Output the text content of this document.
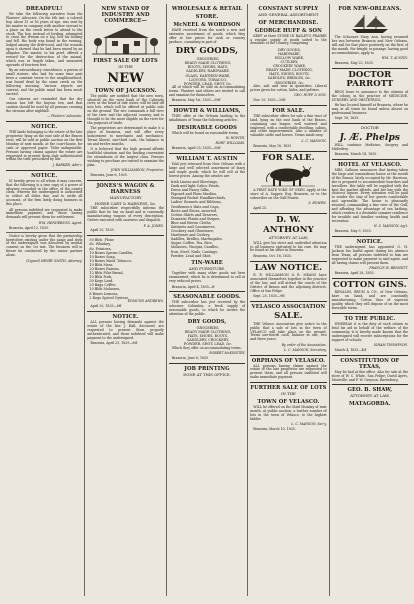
DREADFUL!

We take the following narrative from the Planters' Advocate. On the 6th inst. a colored boy, about 15 or 16 years of age, was sent by his master in company with another servant to a place on the creek below to attend to the stock. The boy, instead of fording, attempted to cross the stream on a log, lost his footing and fell. His body was found in the evening, lodged among the drift-wood, and the wounds upon it showed that he had been seized by an alligator. The master, in his grief, offered a reward for the destruction of the animal, which was at length taken, and measured upwards of fourteen feet.

By an extraordinary coincidence, a person of small stature, who had for some time past been a constant terror to the neighbourhood, was found dead by the same creek on the following morning. Various reports are current, and the public mind has been much excited.

Our citizens are reminded that the dry season has left the bayous low, and that caution should be used by all persons crossing the streams after nightfall.

— Planters' Advocate.
NOTICE.

THE lands belonging to the estate of the late proprietor, lying on the east side of the Brazos river, will be sold at public auction on the first Monday of next month, at the court-house, for cash or approved paper. Titles indisputable. Persons having claims against the estate are requested to present them duly authenticated within the time prescribed by law.

J. BARKER, Adm'r.
NOTICE.

IS hereby given to all whom it may concern, that the following is a true copy of a power of attorney recorded in the office of the county clerk, wherein the undersigned is authorized to collect all debts due, and to settle all accounts, of the firm lately doing business in this place.

All persons indebted are requested to make immediate payment, and those having demands will present them for settlement.

WM. HENDERSON, Agent.

Brazoria, April 13, 1835.

Notice is hereby given that the partnership heretofore existing under the name and style of the undersigned was dissolved by mutual consent on the 1st inst. The business will in future be conducted by the senior partner alone.

(Signed) HENRY SMITH, Attorney.
NEW STAND OF INDUSTRY AND COMMERCE—
FIRST SALE OF LOTS
IN THE
NEW
TOWN OF JACKSON.

The public are notified that the new town, situated on the west bank of the Colorado river, at the head of tide water, will be laid off into lots, which will be offered at public sale on the ground. The site commands a full view of the river and the adjacent country, and is thought to be the most eligible on the river for the purposes of trade.

The proprietors are determined to make it a place of business, and will offer every inducement to merchants and mechanics. Terms liberal, one-third cash, the balance in six and twelve months.

It is believed that the high ground affords healthful situation and the landing convenient for steamboats of the largest class. Persons wishing to purchase are invited to examine the plan.

JOHN WILLIAMSON, Proprietor.

Brazoria, June 6, 1835.

JONES'S WAGON & HARNESS
MANUFACTORY
HORSE CART & HARNESS, &c.

THE subscriber respectfully informs the public that he has on hand and is constantly manufacturing wagons of every description. Orders executed with neatness and despatch.

F. A. JONES.

April 20, 1835.

50 Bbls. Flour,
do. Whiskey,
do. Potatoes,
10 Boxes Sperm Candles,
10 Boxes Soap,
10 Boxes Manf. Tobacco,
10 Bbls Mess.
20 Boxes Raisins,
12 Bbls Pilot Bread,
10 Bbls Pork,
30 Kegs Lard,
20 Bags Coffee,
10 Bbls Molasses,
8 Boxes Lemons,
2 Kegs Spiced Oysters,
EDMUND ANDREWS.

April 20, 1835—6tf

NOTICE.

ALL persons having demands against the estate of the late J. Hall, deceased, are requested to present them properly authenticated, and those indebted will make payment to the undersigned.

Brazoria, April 25, 1835—6tf

WHOLESALE & RETAIL
STORE.
McNEEL & WORDSON

HAVE received from the north a new and extensive assortment of goods, which they offer at low prices for cash or country produce, consisting in part of

DRY GOODS,
GROCERIES,
READY MADE CLOTHING,
BOOTS, SHOES, HATS,
SADDLERY, HARDWARE,
GLASS, EARTHEN-WARE,
LIQUORS, TOBACCO,
POWDER, LEAD, SHOT, &c.

All of which will be sold on accommodating terms. Planters and others are invited to call and examine for themselves.

Brazoria, May 1st, 1835—39tf

HOWTH & WILLIAMS,

THEY offer at the Orleans landing to the inhabitants of Texas the following articles:

DESIRABLE GOODS

Which will be found on reasonable terms.

W. HOWTH,
ROBT. WILLIAMS.

Brazoria, April 25, 1835—30tf

WILLIAM T. AUSTIN

HAS just returned from New Orleans with a large and well selected assortment of fancy and staple goods, which he will sell at the lowest prices. Among the articles are:

Irish Linens and Sheetings,
Dark and light Calico Prints,
Dress and Fancy Silks,
Figured and Plain Muslins,
Stamped Pocket Handkerchiefs,
Ladies' Bonnets and Ribbons,
Gentlemen's Hats and Caps,
Boots and Shoes, assorted,
Cotton Shirts and Drawers,
Domestic Plaids and Stripes,
Blue and Brown Cloths,
Sattinets and Cassimeres,
Crockery and Glassware,
Hardware and Cutlery,
Saddles, Bridles, Martingales,
Sugar, Coffee, Tea, Rice,
Molasses, Vinegar, Candles,
Iron, Steel, Nails, Castings,
Powder, Lead and Shot.
TIN-WARE
AND FURNITURE.

Together with many other goods not here enumerated, which he is determined to sell at very reduced prices.

Brazoria, April 4, 1835—tf

SEASONABLE GOODS.

THE subscriber has just received by the schooner Columbia, a fresh supply of seasonable goods, to which he invites the attention of the public.

DRY GOODS,
GROCERIES,
READY MADE CLOTHING,
HATS, SHOES, BOOTS,
SADDLERY, CROCKERY,
POWDER, SHOT, LEAD, &c.

Which they offer on accommodating terms.

ROBERT McKINSTRY.

Brazoria, June 6, 1835

JOB PRINTING
DONE AT THIS OFFICE.
CONSTANT SUPPLY
AND GENERAL ASSORTMENT
OF MERCHANDISE.
GEORGE HUFF & SON

KEEP at their STORE IN BAILEY'S PRAIRIE a regular supply of goods suited to the demands of the country, comprising

DRY GOODS,
HARDWARE,
HOLLOW WARE,
CUTLERY,
CROCKERY WARE,
READY MADE CLOTHING,
HATS, SHOES, BOOTS,
SADDLES, BRIDLES, &c.
GROCERIES, &c.

Also, salt and iron in quantities. Liberal prices given for cotton, hides, and peltries.

GEO. HUFF & SON.

Nov. 29, 1835—30tf

FOR SALE.

THE subscriber offers for sale a fine tract of land, lying on the east bank of the Brazos, containing one league, well watered and timbered, with a comfortable dwelling, cabins, and other improvements. Also a number of valuable cattle and horses. Terms made easy.

L. C. MANSON.

Brazoria, May 16, 1835

FOR SALE.

A FIRST RATE YOKE OF OXEN. Apply at the store of A. Sapper, Esq. Brazoria, or to the subscriber on the Gulf Prairie.

S. BOWEN.

April 25.

D. W. ANTHONY
ATTORNEY AT LAW,

WILL give his strict and undivided attention to all business entrusted to his care. He may be found at his office in Brazoria.

Brazoria, Oct. 18, 1835.

LAW NOTICE.

R. R. WILLIAMSON & R. MEANS have associated themselves together in the practice of the law, and will attend the courts of the District of Brazos and the adjoining districts. Office at San Felipe.

Sept. 25, 1835—9tf

VELASCO ASSOCIATION
SALE.

THE Velasco Association give notice to the public that a sale of lots in the town of VELASCO will take place on the ground. Terms one-fourth cash, balance in one, two and three years.

By order of the Association.
L. C. MANSON, Secretary.
ORPHANS OF VELASCO.

ALL persons having claims against the estate of the late proprietor are requested to present them, and all persons indebted will make immediate payment.

FURTHER SALE OF LOTS
IN THE
TOWN OF VELASCO.

WILL be offered on the third Monday of next month, at public auction, a further number of lots in the town of Velasco, to the highest bidder.

L. C. MANSON, Sec'y.

Brazoria, March 10, 1835.

FOR NEW-ORLEANS.

The Schooner Mary Ann, having resumed her run between Brazoria and New Orleans, will sail for that place positively on the first of the month. For freight or passage, having good accommodations, apply to

WM. T. AUSTIN.

Brazoria, May 23, 1835.

DOCTOR PARROTT

BEGS leave to announce to the citizens of the colony, in the practice of MEDICINE, SURGERY, AND OBSTETRICS.

He has located himself at Brazoria, where he may at all times be found unless absent on professional business.

Sept. 18, 1835.

DOCTOR
J. Æ. Phelps

WILL continue Medicine, Surgery and Midwifery.

Brazoria, March 14, 1835.

HOTEL AT VELASCO.

MRS. Calhoun announces that having taken the large and commodious house at the mouth of the Brazos, lately occupied by Mr. Harrison, she is prepared to accommodate boarders and travellers. Her table will be supplied with the best the market affords, and her bar with the choicest liquors. Every attention will be paid to render the stay of her guests comfortable and agreeable. The house is pleasantly situated, commanding a fine view of the Gulf, and affording the advantage of sea bathing, which renders it a desirable summer residence for invalids and families seeking health and recreation.

H. S. MANSON, Ag't.

Brazoria, May 9, 1835.

NOTICE.

THE undersigned has appointed G. H. Jackson his lawful agent during his absence from Texas; all persons indebted to him are requested to make payment to said agent, and all having claims will present them.

FRANCIS W. BENNETT.

Brazoria, April 28, 1835.

COTTON GINS.

RENALDS, BRUM & CO., of New Orleans, have on hand, and are constantly manufacturing, Cotton Gins of superior quality, which they will dispose of on the most favorable terms.

TO THE PUBLIC.

WHEREAS it is the duty of each citizen to lend his aid in behalf of the welfare of the community, it is hereby made known that the undersigned will receive subscriptions for the support of schools.

ISHAM THOMPSON.

March 4, 1835—4tf

CONSTITUTION OF TEXAS,

May be had at this office. Also for sale at the store of W. C. White, San Felipe; David Ayres, Montville; and P. W. Grayson, Harrisburg.

GEO. B. SHAW,
ATTORNEY AT LAW,
MATAGORDA.
